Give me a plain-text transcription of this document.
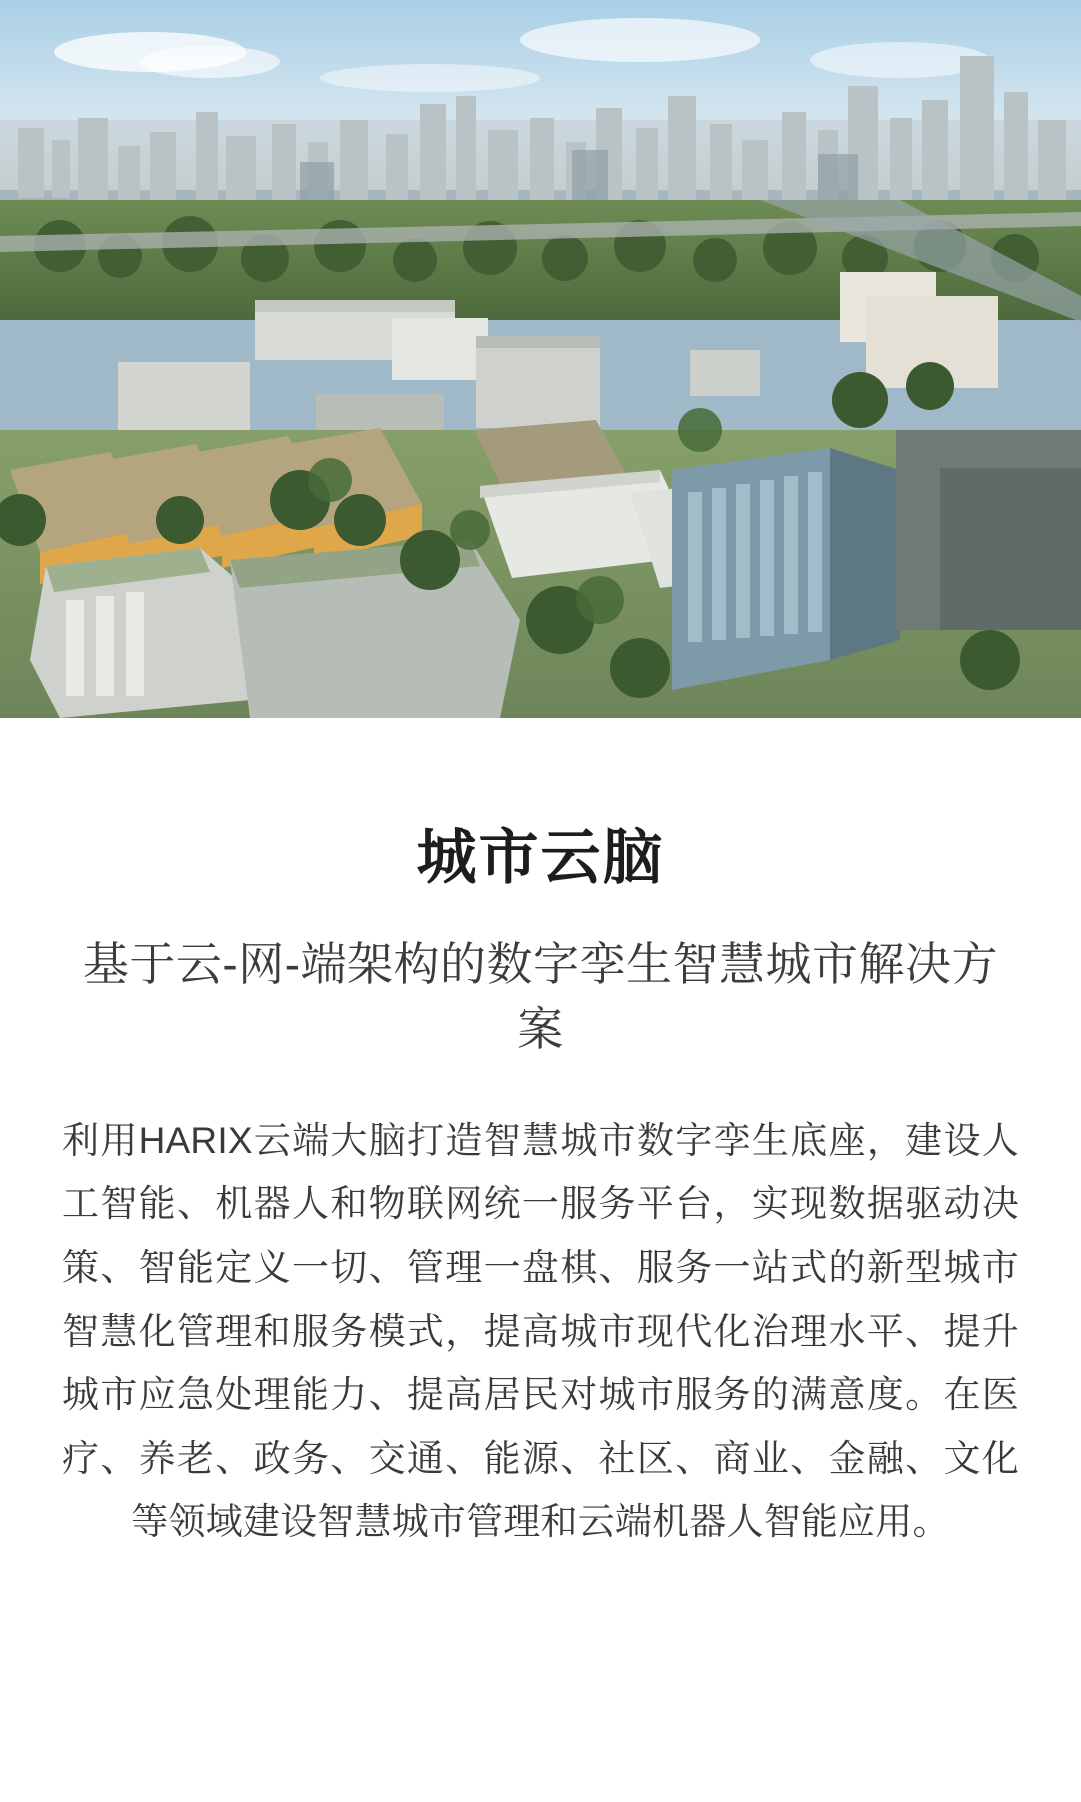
城市云脑
基于云-网-端架构的数字孪生智慧城市解决方案

利用HARIX云端大脑打造智慧城市数字孪生底座，建设人工智能、机器人和物联网统一服务平台，实现数据驱动决策、智能定义一切、管理一盘棋、服务一站式的新型城市智慧化管理和服务模式，提高城市现代化治理水平、提升城市应急处理能力、提高居民对城市服务的满意度。在医疗、养老、政务、交通、能源、社区、商业、金融、文化等领域建设智慧城市管理和云端机器人智能应用。
